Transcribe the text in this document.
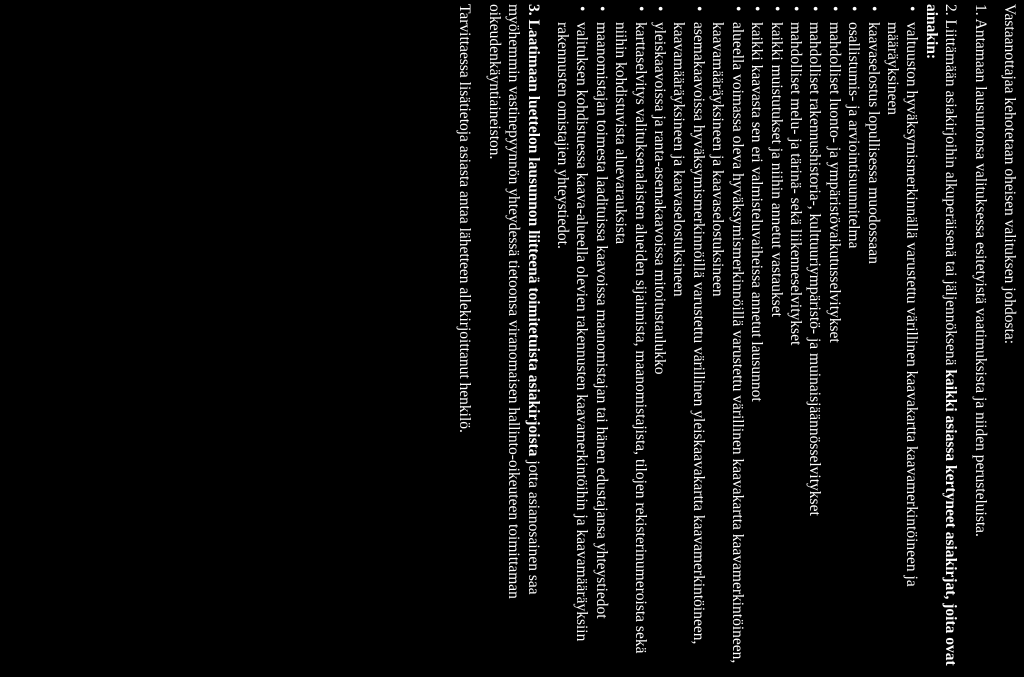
Vastaanottajaa kehotetaan oheisen valituksen johdosta:

1. Antamaan lausuntonsa valituksessa esitetyistä vaatimuksista ja niiden perusteluista.

2. Liittämään asiakirjoihin alkuperäisenä tai jäljennöksenä kaikki asiassa kertyneet asiakirjat, joita ovat ainakin:

• valtuuston hyväksymismerkinnällä varustettu värillinen kaavakartta kaavamerkintöineen ja määräyksineen
• kaavaselostus lopullisessa muodossaan
• osallistumis- ja arviointisuunnitelma
• mahdolliset luonto- ja ympäristövaikutusselvitykset
• mahdolliset rakennushistoria-, kulttuuriympäristö- ja muinaisjäännösselvitykset
• mahdolliset melu- ja tärinä- sekä liikenneselvitykset
• kaikki muistutukset ja niihin annetut vastaukset
• kaikki kaavasta sen eri valmisteluvaiheissa annetut lausunnot
• alueella voimassa oleva hyväksymismerkinnöillä varustettu värillinen kaavakartta kaavamerkintöineen, kaavamääräyksineen ja kaavaselostuksineen
• asemakaavoissa hyväksymismerkinnöillä varustettu värillinen yleiskaavakartta kaavamerkintöineen, kaavamääräyksineen ja kaavaselostuksineen
• yleiskaavoissa ja ranta-asemakaavoissa mitoitustaulukko
• karttaselvitys valituksenalaisten alueiden sijainnista, maanomistajista, tilojen rekisterinumeroista sekä niihin kohdistuvista aluevarauksista
• maanomistajan toimesta laadituissa kaavoissa maanomistajan tai hänen edustajansa yhteystiedot
• valituksen kohdistuessa kaava-alueella olevien rakennusten kaavamerkintöihin ja kaavamääräyksiin rakennusten omistajien yhteystiedot.

3. Laatimaan luettelon lausunnon liitteenä toimitetuista asiakirjoista jotta asianosainen saa myöhemmin vastinepyynnön yhteydessä tietoonsa viranomaisen hallinto-oikeuteen toimittaman oikeudenkäyntiaineiston.

Tarvittaessa lisätietoja asiasta antaa lähetteen allekirjoittanut henkilö.
